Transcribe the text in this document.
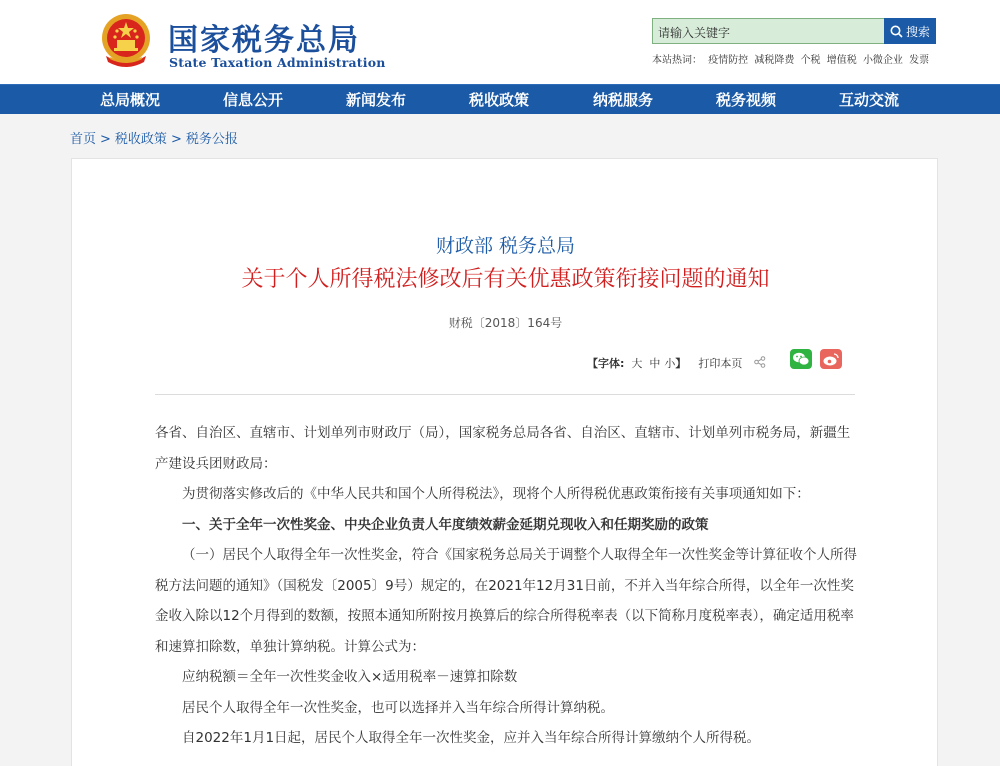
国家税务总局
State Taxation Administration
请输入关键字	搜索
本站热词： 疫情防控 减税降费 个税 增值税 小微企业 发票
总局概况	信息公开	新闻发布	税收政策	纳税服务	税务视频	互动交流
首页 > 税收政策 > 税务公报
财政部 税务总局
关于个人所得税法修改后有关优惠政策衔接问题的通知
财税〔2018〕164号
【字体: 大 中 小 】 打印本页

各省、自治区、直辖市、计划单列市财政厅（局），国家税务总局各省、自治区、直辖市、计划单列市税务局，新疆生产建设兵团财政局：

为贯彻落实修改后的《中华人民共和国个人所得税法》，现将个人所得税优惠政策衔接有关事项通知如下：

一、关于全年一次性奖金、中央企业负责人年度绩效薪金延期兑现收入和任期奖励的政策

（一）居民个人取得全年一次性奖金，符合《国家税务总局关于调整个人取得全年一次性奖金等计算征收个人所得税方法问题的通知》（国税发〔2005〕9号）规定的，在2021年12月31日前，不并入当年综合所得，以全年一次性奖金收入除以12个月得到的数额，按照本通知所附按月换算后的综合所得税率表（以下简称月度税率表），确定适用税率和速算扣除数，单独计算纳税。计算公式为：

应纳税额＝全年一次性奖金收入×适用税率－速算扣除数

居民个人取得全年一次性奖金，也可以选择并入当年综合所得计算纳税。

自2022年1月1日起，居民个人取得全年一次性奖金，应并入当年综合所得计算缴纳个人所得税。
